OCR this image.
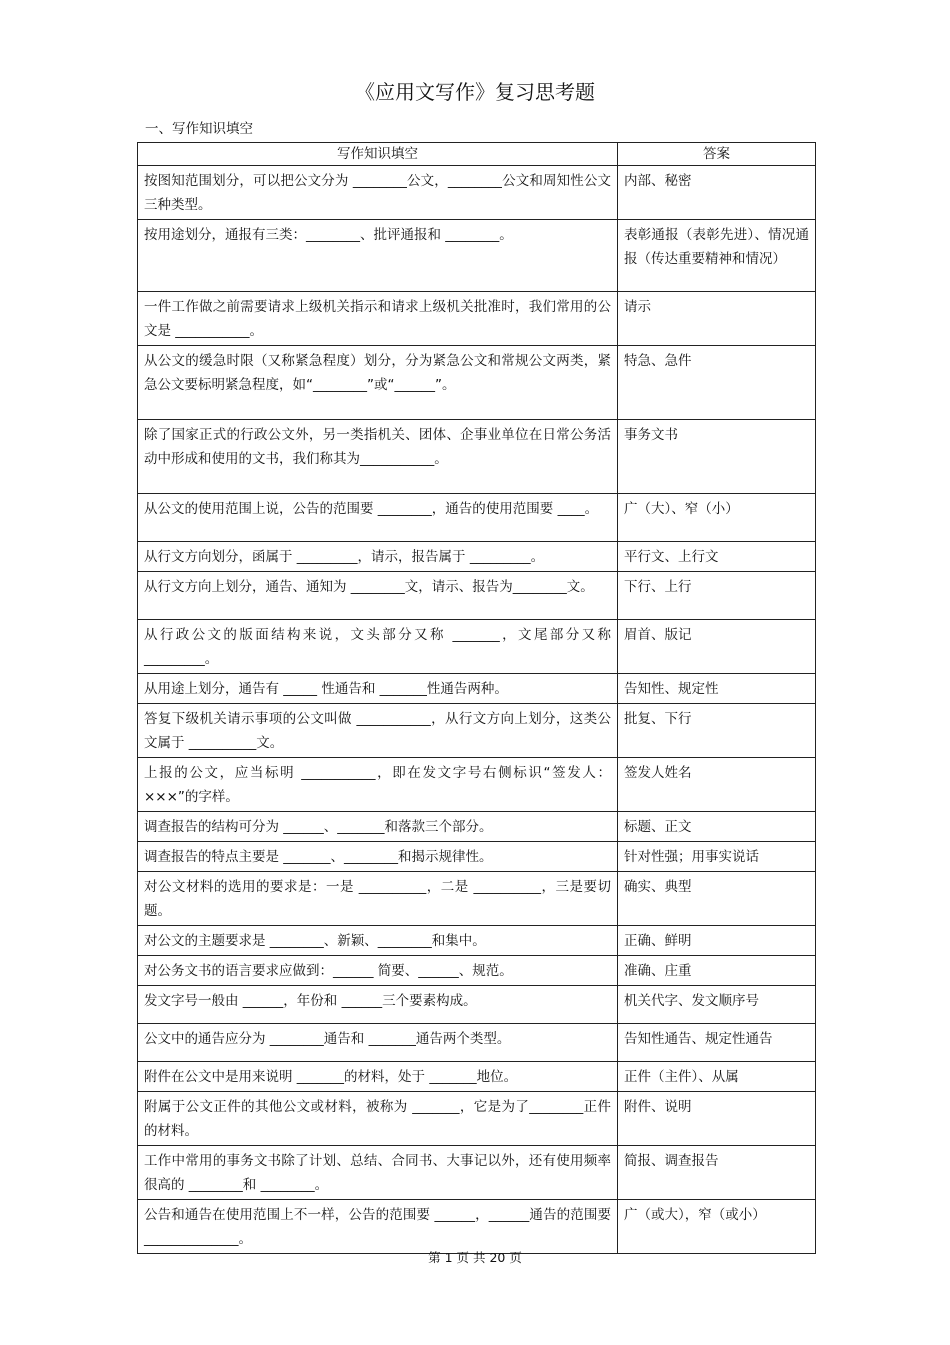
《应用文写作》复习思考题
一、写作知识填空
写作知识填空	答案
按图知范围划分，可以把公文分为 ________公文，________公文和周知性公文三种类型。	内部、秘密
按用途划分，通报有三类：________、批评通报和 ________。	表彰通报（表彰先进）、情况通报（传达重要精神和情况）
一件工作做之前需要请求上级机关指示和请求上级机关批准时，我们常用的公文是 ___________。	请示
从公文的缓急时限（又称紧急程度）划分，分为紧急公文和常规公文两类，紧急公文要标明紧急程度，如“________”或“______”。	特急、急件
除了国家正式的行政公文外，另一类指机关、团体、企事业单位在日常公务活动中形成和使用的文书，我们称其为___________。	事务文书
从公文的使用范围上说，公告的范围要 ________，通告的使用范围要 ____。	广（大）、窄（小）
从行文方向划分，函属于 _________，请示，报告属于 _________。	平行文、上行文
从行文方向上划分，通告、通知为 ________文，请示、报告为________文。	下行、上行
从行政公文的版面结构来说，文头部分又称 _______，文尾部分又称 _________。	眉首、版记
从用途上划分，通告有 _____ 性通告和 _______性通告两种。	告知性、规定性
答复下级机关请示事项的公文叫做 ___________，从行文方向上划分，这类公文属于 __________文。	批复、下行
上报的公文，应当标明 ___________，即在发文字号右侧标识“签发人：×××”的字样。	签发人姓名
调查报告的结构可分为 ______、_______和落款三个部分。	标题、正文
调查报告的特点主要是 _______、________和揭示规律性。	针对性强；用事实说话
对公文材料的选用的要求是：一是 __________，二是 __________，三是要切题。	确实、典型
对公文的主题要求是 ________、新颖、________和集中。	正确、鲜明
对公务文书的语言要求应做到：______ 简要、______、规范。	准确、庄重
发文字号一般由 ______，年份和 ______三个要素构成。	机关代字、发文顺序号
公文中的通告应分为 ________通告和 _______通告两个类型。	告知性通告、规定性通告
附件在公文中是用来说明 _______的材料，处于 _______地位。	正件（主件）、从属
附属于公文正件的其他公文或材料，被称为 _______，它是为了________正件的材料。	附件、说明
工作中常用的事务文书除了计划、总结、合同书、大事记以外，还有使用频率很高的 ________和 ________。	简报、调查报告
公告和通告在使用范围上不一样，公告的范围要 ______，______通告的范围要 ______________。	广（或大），窄（或小）
第 1 页 共 20 页
